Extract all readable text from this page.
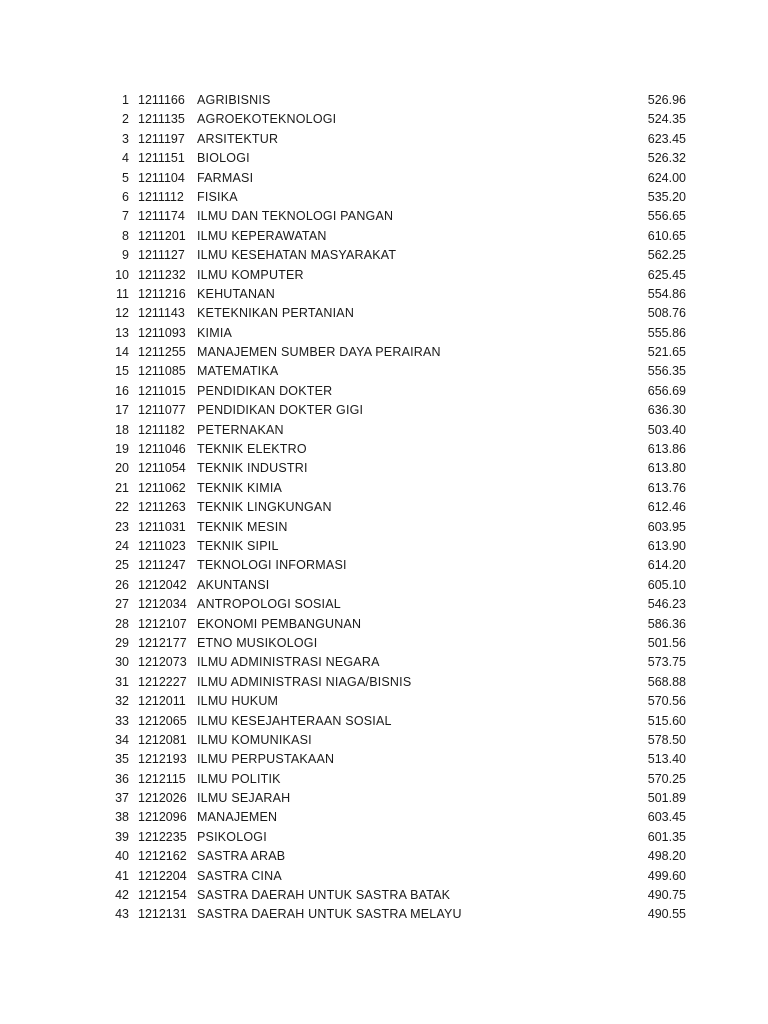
1 1211166 AGRIBISNIS	526.96
2 1211135 AGROEKOTEKNOLOGI	524.35
3 1211197 ARSITEKTUR	623.45
4 1211151 BIOLOGI	526.32
5 1211104 FARMASI	624.00
6 1211112 FISIKA	535.20
7 1211174 ILMU DAN TEKNOLOGI PANGAN	556.65
8 1211201 ILMU KEPERAWATAN	610.65
9 1211127 ILMU KESEHATAN MASYARAKAT	562.25
10 1211232 ILMU KOMPUTER	625.45
11 1211216 KEHUTANAN	554.86
12 1211143 KETEKNIKAN PERTANIAN	508.76
13 1211093 KIMIA	555.86
14 1211255 MANAJEMEN SUMBER DAYA PERAIRAN	521.65
15 1211085 MATEMATIKA	556.35
16 1211015 PENDIDIKAN DOKTER	656.69
17 1211077 PENDIDIKAN DOKTER GIGI	636.30
18 1211182 PETERNAKAN	503.40
19 1211046 TEKNIK ELEKTRO	613.86
20 1211054 TEKNIK INDUSTRI	613.80
21 1211062 TEKNIK KIMIA	613.76
22 1211263 TEKNIK LINGKUNGAN	612.46
23 1211031 TEKNIK MESIN	603.95
24 1211023 TEKNIK SIPIL	613.90
25 1211247 TEKNOLOGI INFORMASI	614.20
26 1212042 AKUNTANSI	605.10
27 1212034 ANTROPOLOGI SOSIAL	546.23
28 1212107 EKONOMI PEMBANGUNAN	586.36
29 1212177 ETNO MUSIKOLOGI	501.56
30 1212073 ILMU ADMINISTRASI NEGARA	573.75
31 1212227 ILMU ADMINISTRASI NIAGA/BISNIS	568.88
32 1212011 ILMU HUKUM	570.56
33 1212065 ILMU KESEJAHTERAAN SOSIAL	515.60
34 1212081 ILMU KOMUNIKASI	578.50
35 1212193 ILMU PERPUSTAKAAN	513.40
36 1212115 ILMU POLITIK	570.25
37 1212026 ILMU SEJARAH	501.89
38 1212096 MANAJEMEN	603.45
39 1212235 PSIKOLOGI	601.35
40 1212162 SASTRA ARAB	498.20
41 1212204 SASTRA CINA	499.60
42 1212154 SASTRA DAERAH UNTUK SASTRA BATAK	490.75
43 1212131 SASTRA DAERAH UNTUK SASTRA MELAYU	490.55
